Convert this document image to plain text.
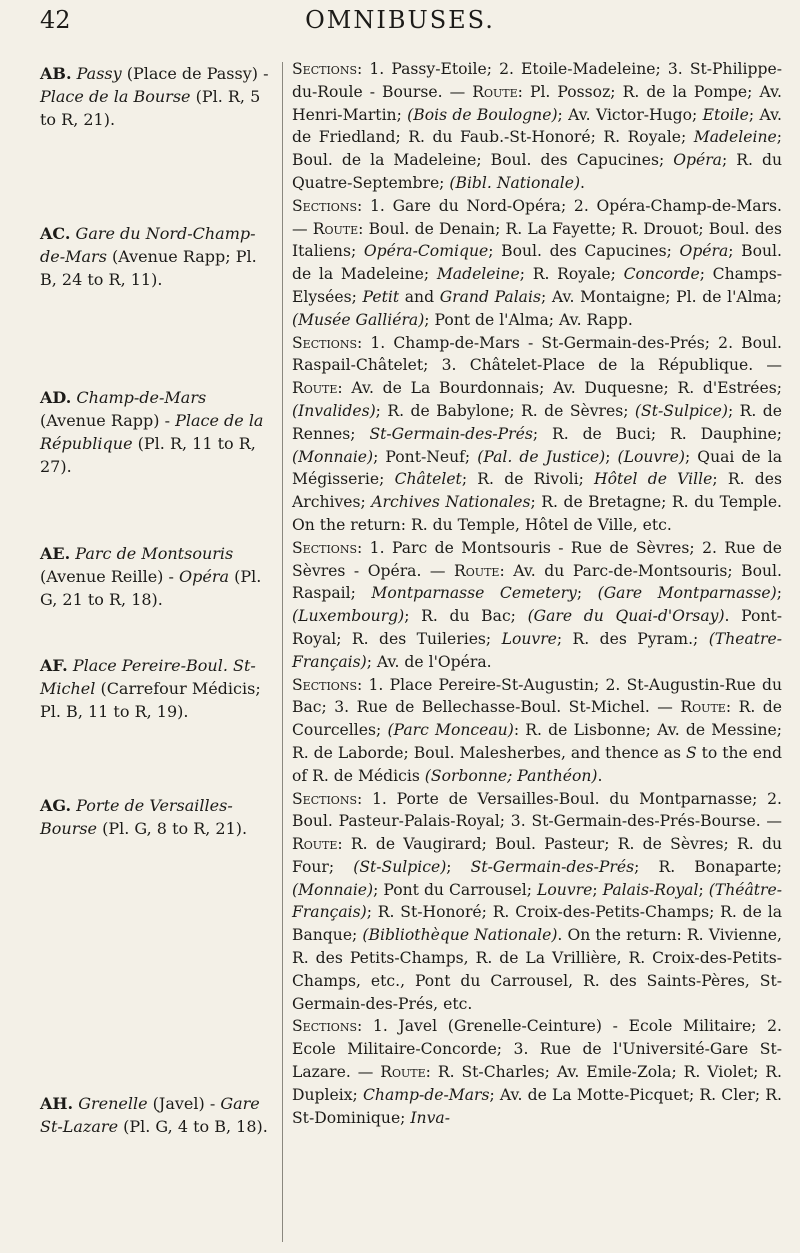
42	OMNIBUSES.
AB. Passy (Place de Passy) - Place de la Bourse (Pl. R, 5 to R, 21).
AC. Gare du Nord-Champ-de-Mars (Avenue Rapp; Pl. B, 24 to R, 11).
AD. Champ-de-Mars (Avenue Rapp) - Place de la République (Pl. R, 11 to R, 27).
AE. Parc de Montsouris (Avenue Reille) - Opéra (Pl. G, 21 to R, 18).
AF. Place Pereire-Boul. St-Michel (Carrefour Médicis; Pl. B, 11 to R, 19).
AG. Porte de Versailles-Bourse (Pl. G, 8 to R, 21).
AH. Grenelle (Javel) - Gare St-Lazare (Pl. G, 4 to B, 18).

Sections: 1. Passy-Etoile; 2. Etoile-Madeleine; 3. St-Philippe-du-Roule - Bourse. — Route: Pl. Possoz; R. de la Pompe; Av. Henri-Martin; (Bois de Boulogne); Av. Victor-Hugo; Etoile; Av. de Friedland; R. du Faub.-St-Honoré; R. Royale; Madeleine; Boul. de la Madeleine; Boul. des Capucines; Opéra; R. du Quatre-Septembre; (Bibl. Nationale).

Sections: 1. Gare du Nord-Opéra; 2. Opéra-Champ-de-Mars. — Route: Boul. de Denain; R. La Fayette; R. Drouot; Boul. des Italiens; Opéra-Comique; Boul. des Capucines; Opéra; Boul. de la Madeleine; Madeleine; R. Royale; Concorde; Champs-Elysées; Petit and Grand Palais; Av. Montaigne; Pl. de l'Alma; (Musée Galliéra); Pont de l'Alma; Av. Rapp.

Sections: 1. Champ-de-Mars - St-Germain-des-Prés; 2. Boul. Raspail-Châtelet; 3. Châtelet-Place de la République. — Route: Av. de La Bourdonnais; Av. Duquesne; R. d'Estrées; (Invalides); R. de Babylone; R. de Sèvres; (St-Sulpice); R. de Rennes; St-Germain-des-Prés; R. de Buci; R. Dauphine; (Monnaie); Pont-Neuf; (Pal. de Justice); (Louvre); Quai de la Mégisserie; Châtelet; R. de Rivoli; Hôtel de Ville; R. des Archives; Archives Nationales; R. de Bretagne; R. du Temple. On the return: R. du Temple, Hôtel de Ville, etc.

Sections: 1. Parc de Montsouris - Rue de Sèvres; 2. Rue de Sèvres - Opéra. — Route: Av. du Parc-de-Montsouris; Boul. Raspail; Montparnasse Cemetery; (Gare Montparnasse); (Luxembourg); R. du Bac; (Gare du Quai-d'Orsay). Pont-Royal; R. des Tuileries; Louvre; R. des Pyram.; (Theatre-Français); Av. de l'Opéra.

Sections: 1. Place Pereire-St-Augustin; 2. St-Augustin-Rue du Bac; 3. Rue de Bellechasse-Boul. St-Michel. — Route: R. de Courcelles; (Parc Monceau): R. de Lisbonne; Av. de Messine; R. de Laborde; Boul. Malesherbes, and thence as S to the end of R. de Médicis (Sorbonne; Panthéon).

Sections: 1. Porte de Versailles-Boul. du Montparnasse; 2. Boul. Pasteur-Palais-Royal; 3. St-Germain-des-Prés-Bourse. — Route: R. de Vaugirard; Boul. Pasteur; R. de Sèvres; R. du Four; (St-Sulpice); St-Germain-des-Prés; R. Bonaparte; (Monnaie); Pont du Carrousel; Louvre; Palais-Royal; (Théâtre-Français); R. St-Honoré; R. Croix-des-Petits-Champs; R. de la Banque; (Bibliothèque Nationale). On the return: R. Vivienne, R. des Petits-Champs, R. de La Vrillière, R. Croix-des-Petits-Champs, etc., Pont du Carrousel, R. des Saints-Pères, St-Germain-des-Prés, etc.

Sections: 1. Javel (Grenelle-Ceinture) - Ecole Militaire; 2. Ecole Militaire-Concorde; 3. Rue de l'Université-Gare St-Lazare. — Route: R. St-Charles; Av. Emile-Zola; R. Violet; R. Dupleix; Champ-de-Mars; Av. de La Motte-Picquet; R. Cler; R. St-Dominique; Inva-
